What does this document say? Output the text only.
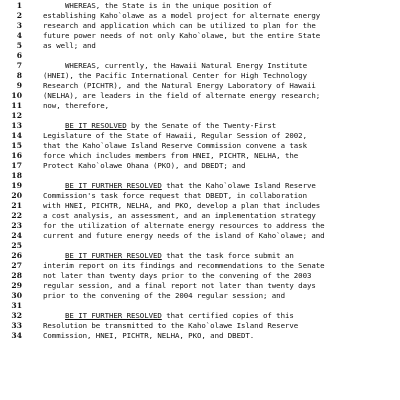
1	WHEREAS, the State is in the unique position of
2	establishing Kaho`olawe as a model project for alternate energy
3	research and application which can be utilized to plan for the
4	future power needs of not only Kaho`olawe, but the entire State
5	as well; and
6
7	WHEREAS, currently, the Hawaii Natural Energy Institute
8	(HNEI), the Pacific International Center for High Technology
9	Research (PICHTR), and the Natural Energy Laboratory of Hawaii
10	(NELHA), are leaders in the field of alternate energy research;
11	now, therefore,
12
13	BE IT RESOLVED by the Senate of the Twenty-First
14	Legislature of the State of Hawaii, Regular Session of 2002,
15	that the Kaho`olawe Island Reserve Commission convene a task
16	force which includes members from HNEI, PICHTR, NELHA, the
17	Protect Kaho`olawe Ohana (PKO), and DBEDT; and
18
19	BE IT FURTHER RESOLVED that the Kaho`olawe Island Reserve
20	Commission's task force request that DBEDT, in collaboration
21	with HNEI, PICHTR, NELHA, and PKO, develop a plan that includes
22	a cost analysis, an assessment, and an implementation strategy
23	for the utilization of alternate energy resources to address the
24	current and future energy needs of the island of Kaho`olawe; and
25
26	BE IT FURTHER RESOLVED that the task force submit an
27	interim report on its findings and recommendations to the Senate
28	not later than twenty days prior to the convening of the 2003
29	regular session, and a final report not later than twenty days
30	prior to the convening of the 2004 regular session; and
31
32	BE IT FURTHER RESOLVED that certified copies of this
33	Resolution be transmitted to the Kaho`olawe Island Reserve
34	Commission, HNEI, PICHTR, NELHA, PKO, and DBEDT.
